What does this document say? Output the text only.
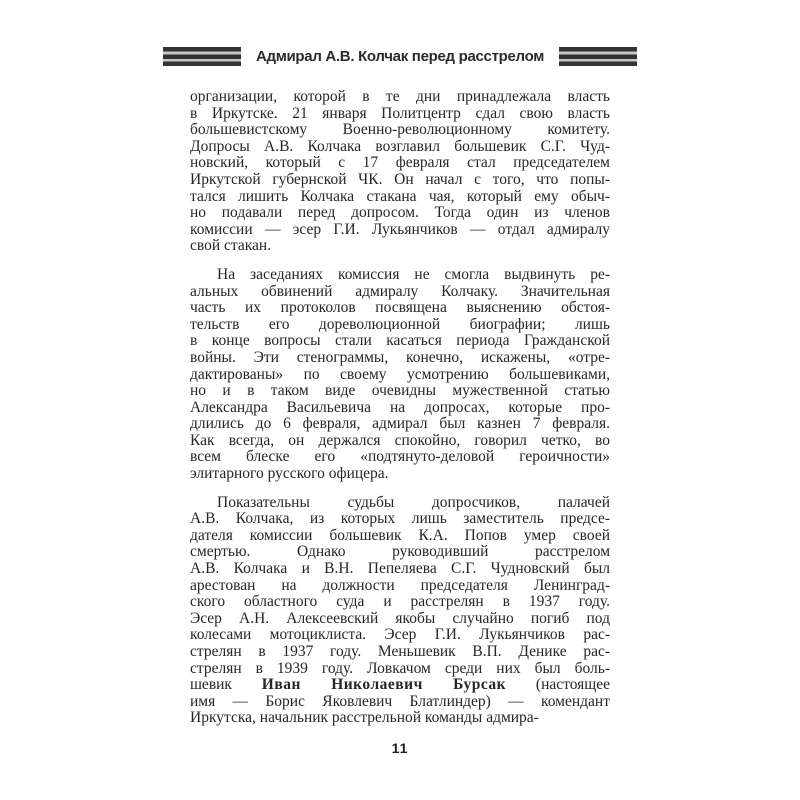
Адмирал А.В. Колчак перед расстрелом
организации, которой в те дни принадлежала власть
в Иркутске. 21 января Политцентр сдал свою власть
большевистскому Военно-революционному комитету.
Допросы А.В. Колчака возглавил большевик С.Г. Чуд-
новский, который с 17 февраля стал председателем
Иркутской губернской ЧК. Он начал с того, что попы-
тался лишить Колчака стакана чая, который ему обыч-
но подавали перед допросом. Тогда один из членов
комиссии — эсер Г.И. Лукьянчиков — отдал адмиралу
свой стакан.
На заседаниях комиссия не смогла выдвинуть ре-
альных обвинений адмиралу Колчаку. Значительная
часть их протоколов посвящена выяснению обстоя-
тельств его дореволюционной биографии; лишь
в конце вопросы стали касаться периода Гражданской
войны. Эти стенограммы, конечно, искажены, «отре-
дактированы» по своему усмотрению большевиками,
но и в таком виде очевидны мужественной статью
Александра Васильевича на допросах, которые про-
длились до 6 февраля, адмирал был казнен 7 февраля.
Как всегда, он держался спокойно, говорил четко, во
всем блеске его «подтянуто-деловой героичности»
элитарного русского офицера.
Показательны судьбы допросчиков, палачей
А.В. Колчака, из которых лишь заместитель предсе-
дателя комиссии большевик К.А. Попов умер своей
смертью. Однако руководивший расстрелом
А.В. Колчака и В.Н. Пепеляева С.Г. Чудновский был
арестован на должности председателя Ленинград-
ского областного суда и расстрелян в 1937 году.
Эсер А.Н. Алексеевский якобы случайно погиб под
колесами мотоциклиста. Эсер Г.И. Лукьянчиков рас-
стрелян в 1937 году. Меньшевик В.П. Денике рас-
стрелян в 1939 году. Ловкачом среди них был боль-
шевик Иван Николаевич Бурсак (настоящее
имя — Борис Яковлевич Блатлиндер) — комендант
Иркутска, начальник расстрельной команды адмира-
11
